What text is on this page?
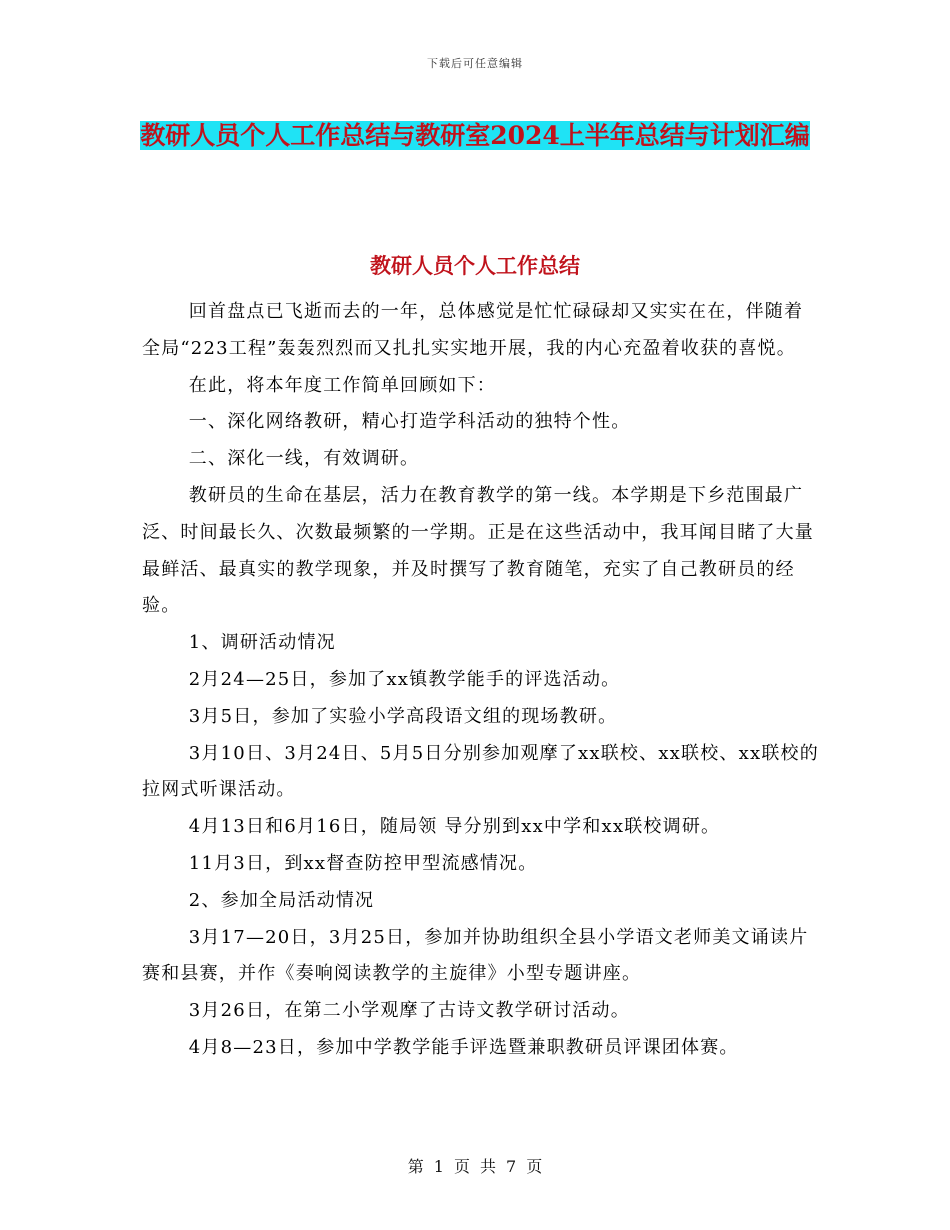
下载后可任意编辑
教研人员个人工作总结与教研室2024上半年总结与计划汇编
教研人员个人工作总结

回首盘点已飞逝而去的一年，总体感觉是忙忙碌碌却又实实在在，伴随着全局“223工程”轰轰烈烈而又扎扎实实地开展，我的内心充盈着收获的喜悦。

在此，将本年度工作简单回顾如下：

一、深化网络教研，精心打造学科活动的独特个性。

二、深化一线，有效调研。

教研员的生命在基层，活力在教育教学的第一线。本学期是下乡范围最广泛、时间最长久、次数最频繁的一学期。正是在这些活动中，我耳闻目睹了大量最鲜活、最真实的教学现象，并及时撰写了教育随笔，充实了自己教研员的经验。

1、调研活动情况

2月24—25日，参加了xx镇教学能手的评选活动。

3月5日，参加了实验小学高段语文组的现场教研。

3月10日、3月24日、5月5日分别参加观摩了xx联校、xx联校、xx联校的拉网式听课活动。

4月13日和6月16日，随局领 导分别到xx中学和xx联校调研。

11月3日，到xx督查防控甲型流感情况。

2、参加全局活动情况

3月17—20日，3月25日，参加并协助组织全县小学语文老师美文诵读片赛和县赛，并作《奏响阅读教学的主旋律》小型专题讲座。

3月26日，在第二小学观摩了古诗文教学研讨活动。

4月8—23日，参加中学教学能手评选暨兼职教研员评课团体赛。

第 1 页 共 7 页
